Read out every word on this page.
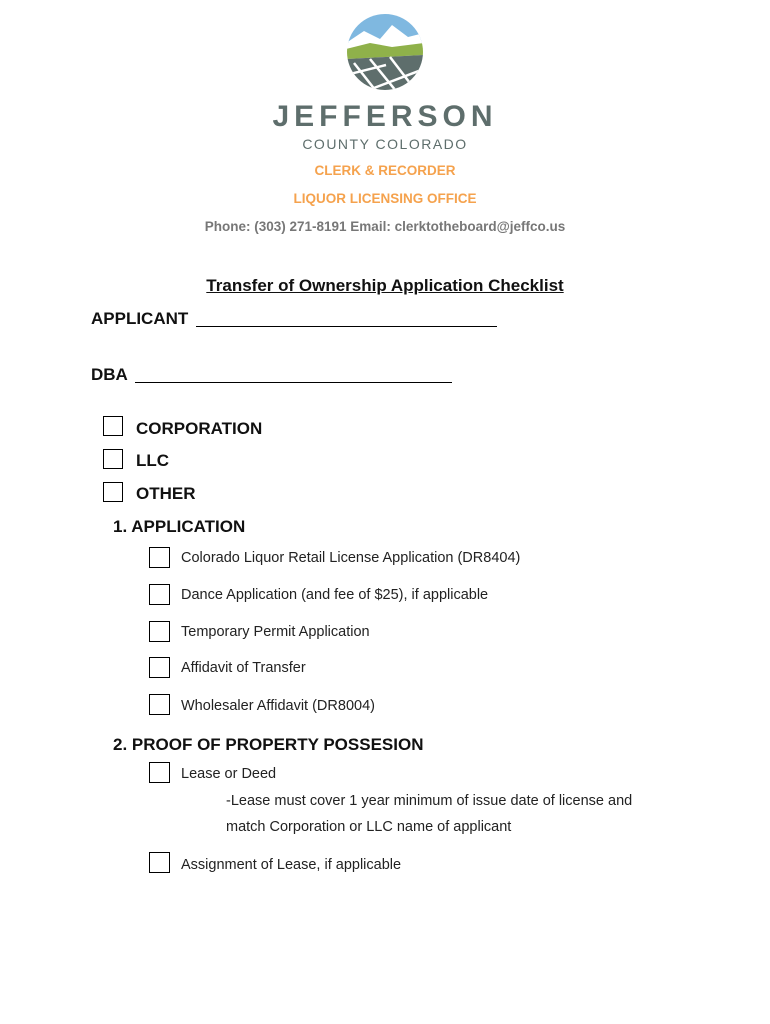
JEFFERSON
COUNTY COLORADO
CLERK & RECORDER
LIQUOR LICENSING OFFICE
Phone: (303) 271-8191 Email: clerktotheboard@jeffco.us
Transfer of Ownership Application Checklist
APPLICANT
DBA
CORPORATION
LLC
OTHER
1. APPLICATION
Colorado Liquor Retail License Application (DR8404)
Dance Application (and fee of $25), if applicable
Temporary Permit Application
Affidavit of Transfer
Wholesaler Affidavit (DR8004)
2. PROOF OF PROPERTY POSSESION
Lease or Deed
-Lease must cover 1 year minimum of issue date of license and
match Corporation or LLC name of applicant
Assignment of Lease, if applicable
